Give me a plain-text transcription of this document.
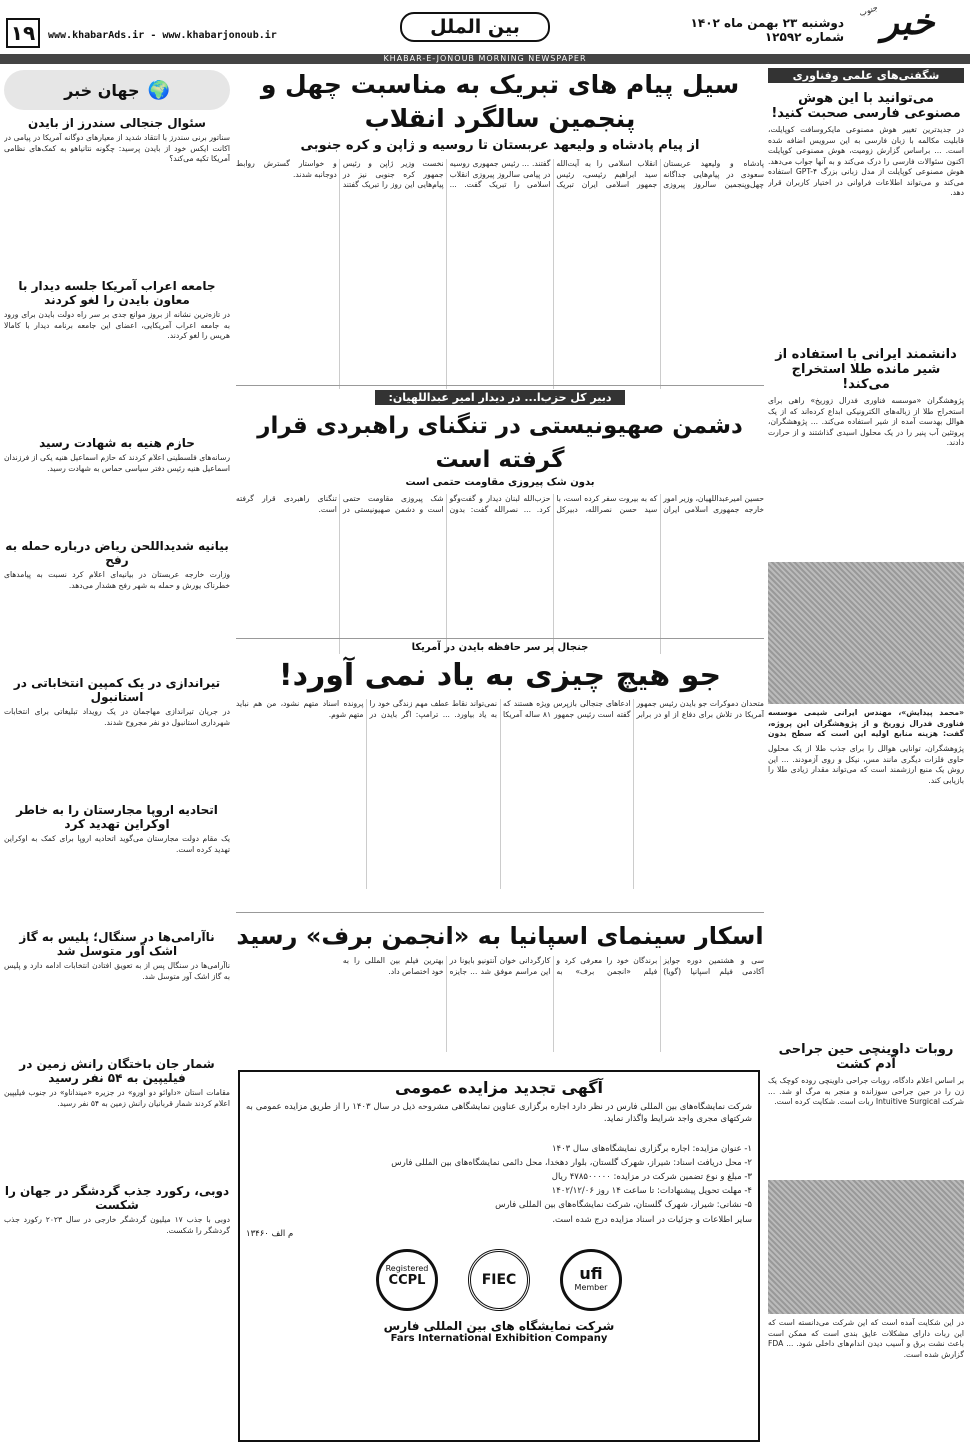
خبر
جنوب
دوشنبه ۲۳ بهمن ماه ۱۴۰۲ شماره ۱۲۵۹۲
بین الملل
www.khabarAds.ir - www.khabarjonoub.ir
۱۹
KHABAR-E-JONOUB MORNING NEWSPAPER
شگفتی‌های علمی وفناوری
می‌توانید با این هوش مصنوعی فارسی صحبت کنید!
در جدیدترین تغییر هوش مصنوعی مایکروسافت کوپایلت، قابلیت مکالمه با زبان فارسی به این سرویس اضافه شده است. ... براساس گزارش زومیت، هوش مصنوعی کوپایلت اکنون سئوالات فارسی را درک می‌کند و به آنها جواب می‌دهد. هوش مصنوعی کوپایلت از مدل زبانی بزرگ GPT-۴ استفاده می‌کند و می‌تواند اطلاعات فراوانی در اختیار کاربران قرار دهد.
دانشمند ایرانی با استفاده از شیر مانده طلا استخراج می‌کند!
پژوهشگران «موسسه فناوری فدرال زوریخ» راهی برای استخراج طلا از زباله‌های الکترونیکی ابداع کرده‌اند که از یک هوالل بهدست آمده از شیر استفاده می‌کند. ... پژوهشگران، پروتئین آب پنیر را در یک محلول اسیدی گذاشتند و از حرارت دادند.
«محمد پیدایش»، مهندس ایرانی شیمی موسسه فناوری فدرال زوریخ و از پژوهشگران این پروژه، گفت: هزینه منابع اولیه این است که سطح بدون
پژوهشگران، توانایی هوالل را برای جذب طلا از یک محلول حاوی فلزات دیگری مانند مس، نیکل و روی آزمودند. ... این روش یک منبع ارزشمند است که می‌تواند مقدار زیادی طلا را بازیابی کند.
روبات داوینچی حین جراحی آدم کشت
بر اساس اعلام دادگاه، روبات جراحی داوینچی روده کوچک یک زن را در حین جراحی سوزانده و منجر به مرگ او شد. ... شرکت Intuitive Surgical ربات است. شکایت کرده است.
در این شکایت آمده است که این شرکت می‌دانسته است که این ربات دارای مشکلات عایق بندی است که ممکن است باعث نشت برق و آسیب دیدن اندام‌های داخلی شود. ... FDA گزارش شده است.
🌍
جهان خبر
سئوال جنجالی سندرز از بایدن
سناتور برنی سندرز با انتقاد شدید از معیارهای دوگانه آمریکا در پیامی در اکانت ایکس خود از بایدن پرسید: چگونه نتانیاهو به کمک‌های نظامی آمریکا تکیه می‌کند؟
جامعه اعراب آمریکا جلسه دیدار با معاون بایدن را لغو کردند
در تازه‌ترین نشانه از بروز موانع جدی بر سر راه دولت بایدن برای ورود به جامعه اعراب آمریکایی، اعضای این جامعه برنامه دیدار با کامالا هریس را لغو کردند.
حازم هنیه به شهادت رسید
رسانه‌های فلسطینی اعلام کردند که حازم اسماعیل هنیه یکی از فرزندان اسماعیل هنیه رئیس دفتر سیاسی حماس به شهادت رسید.
بیانیه شدیداللحن ریاض درباره حمله به رفح
وزارت خارجه عربستان در بیانیه‌ای اعلام کرد نسبت به پیامدهای خطرناک یورش و حمله به شهر رفح هشدار می‌دهد.
تیراندازی در یک کمپین انتخاباتی در استانبول
در جریان تیراندازی مهاجمان در یک رویداد تبلیغاتی برای انتخابات شهرداری استانبول دو نفر مجروح شدند.
اتحادیه اروپا مجارستان را به خاطر اوکراین تهدید کرد
یک مقام دولت مجارستان می‌گوید اتحادیه اروپا برای کمک به اوکراین تهدید کرده است.
ناآرامی‌ها در سنگال؛ پلیس به گاز اشک آور متوسل شد
ناآرامی‌ها در سنگال پس از به تعویق افتادن انتخابات ادامه دارد و پلیس به گاز اشک آور متوسل شد.
شمار جان باختگان رانش زمین در فیلیپین به ۵۴ نفر رسید
مقامات استان «داوائو دو اورو» در جزیره «مینداناو» در جنوب فیلیپین اعلام کردند شمار قربانیان رانش زمین به ۵۴ نفر رسید.
دوبی، رکورد جذب گردشگر در جهان را شکست
دوبی با جذب ۱۷ میلیون گردشگر خارجی در سال ۲۰۲۳ رکورد جذب گردشگر را شکست.
سیل پیام های تبریک به مناسبت چهل و پنجمین سالگرد انقلاب
از پیام پادشاه و ولیعهد عربستان تا روسیه و ژاپن و کره جنوبی
پادشاه و ولیعهد عربستان سعودی در پیام‌هایی جداگانه چهل‌وپنجمین سالروز پیروزی انقلاب اسلامی را به آیت‌الله سید ابراهیم رئیسی، رئیس جمهور اسلامی ایران تبریک گفتند. ... رئیس جمهوری روسیه در پیامی سالروز پیروزی انقلاب اسلامی را تبریک گفت. ... نخست وزیر ژاپن و رئیس جمهور کره جنوبی نیز در پیام‌هایی این روز را تبریک گفتند و خواستار گسترش روابط دوجانبه شدند.
دبیر کل حزب‌ا... در دیدار امیر عبداللهیان:
دشمن صهیونیستی در تنگنای راهبردی قرار گرفته است
بدون شک پیروزی مقاومت حتمی است
حسین امیرعبداللهیان، وزیر امور خارجه جمهوری اسلامی ایران که به بیروت سفر کرده است، با سید حسن نصرالله، دبیرکل حزب‌الله لبنان دیدار و گفت‌وگو کرد. ... نصرالله گفت: بدون شک پیروزی مقاومت حتمی است و دشمن صهیونیستی در تنگنای راهبردی قرار گرفته است.
جنجال بر سر حافظه بایدن در آمریکا
جو هیچ چیزی به یاد نمی آورد!
متحدان دموکرات جو بایدن رئیس جمهور آمریکا در تلاش برای دفاع از او در برابر ادعاهای جنجالی بازپرس ویژه هستند که گفته است رئیس جمهور ۸۱ ساله آمریکا نمی‌تواند نقاط عطف مهم زندگی خود را به یاد بیاورد. ... ترامپ: اگر بایدن در پرونده اسناد متهم نشود، من هم نباید متهم شوم.
اسکار سینمای اسپانیا به «انجمن برف» رسید
سی و هشتمین دوره جوایز آکادمی فیلم اسپانیا (گویا) برندگان خود را معرفی کرد و فیلم «انجمن برف» به کارگردانی خوان آنتونیو بایونا در این مراسم موفق شد ... جایزه بهترین فیلم بین المللی را به خود اختصاص داد.
آگهی تجدید مزایده عمومی
شرکت نمایشگاه‌های بین المللی فارس در نظر دارد اجاره برگزاری عناوین نمایشگاهی مشروحه ذیل در سال ۱۴۰۳ را از طریق مزایده عمومی به شرکتهای مجری واجد شرایط واگذار نماید.
۱- عنوان مزایده: اجاره برگزاری نمایشگاه‌های سال ۱۴۰۳
۲- محل دریافت اسناد: شیراز، شهرک گلستان، بلوار دهخدا، محل دائمی نمایشگاه‌های بین المللی فارس
۳- مبلغ و نوع تضمین شرکت در مزایده: ۴۷۸۵۰۰۰۰۰ ریال
۴- مهلت تحویل پیشنهادات: تا ساعت ۱۴ روز ۱۴۰۲/۱۲/۰۶
۵- نشانی: شیراز، شهرک گلستان، شرکت نمایشگاه‌های بین المللی فارس
سایر اطلاعات و جزئیات در اسناد مزایده درج شده است.
م الف ۱۳۴۶۰
Registered
CCPL	FIEC	ufi
Member
شرکت نمایشگاه های بین المللی فارس
Fars International Exhibition Company
